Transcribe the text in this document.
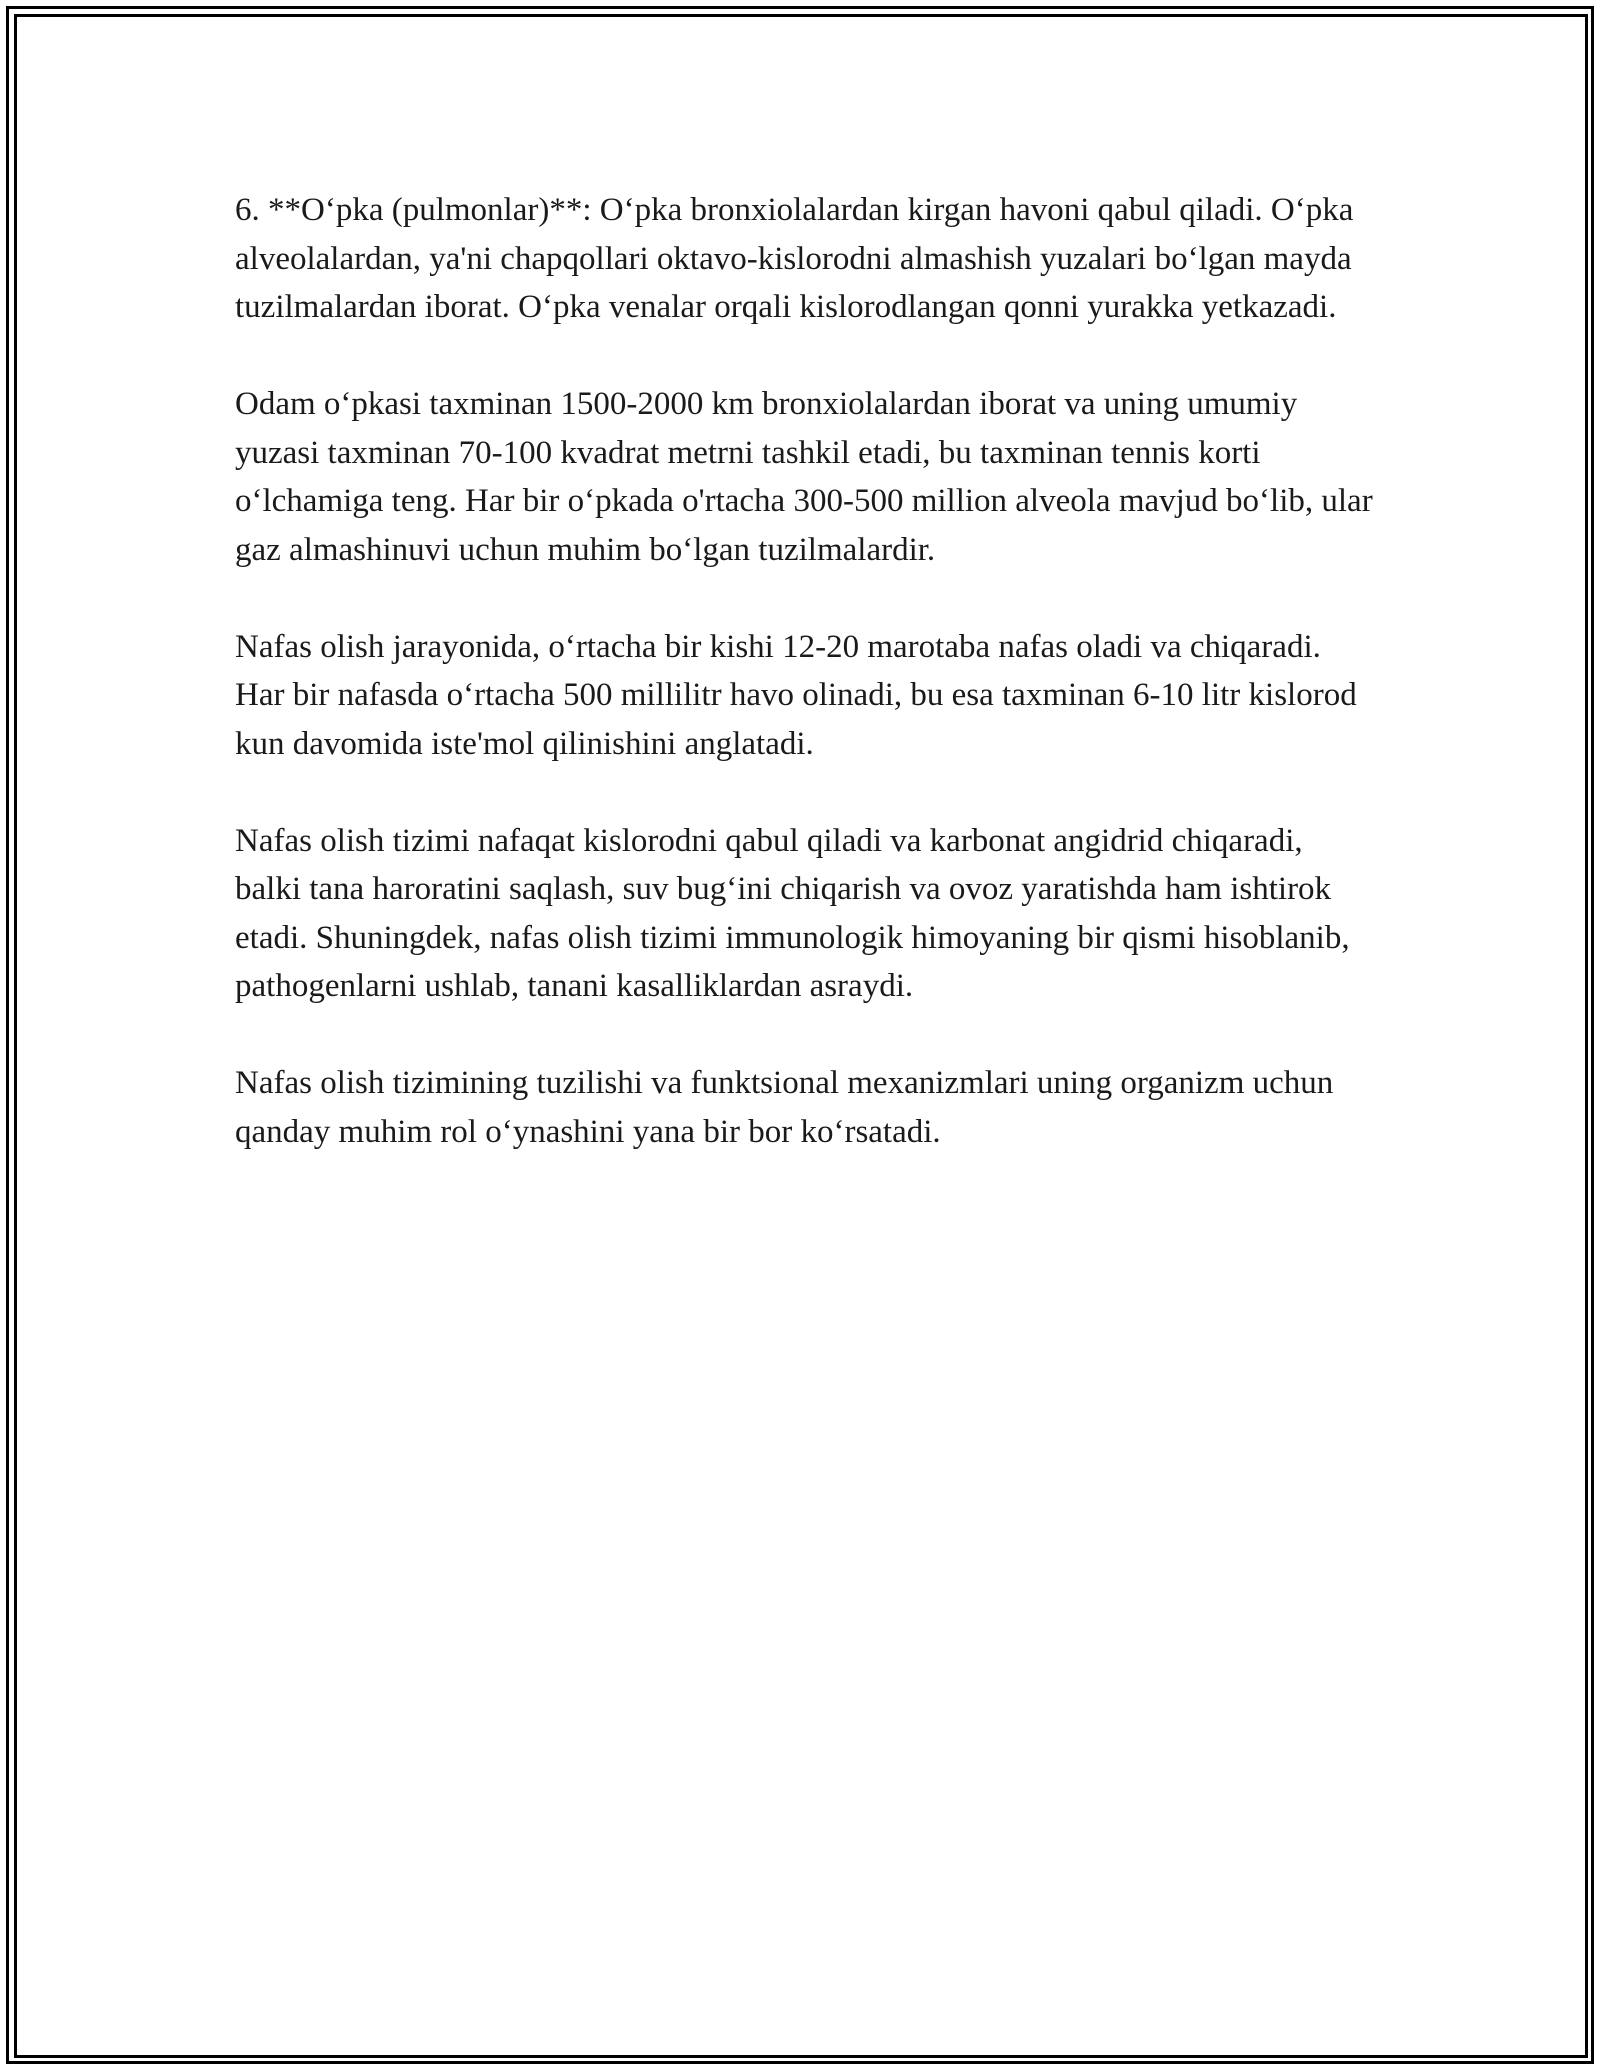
6. **O‘pka (pulmonlar)**: O‘pka bronxiolalardan kirgan havoni qabul qiladi. O‘pka alveolalardan, ya'ni chapqollari oktavo-kislorodni almashish yuzalari bo‘lgan mayda tuzilmalardan iborat. O‘pka venalar orqali kislorodlangan qonni yurakka yetkazadi.

Odam o‘pkasi taxminan 1500-2000 km bronxiolalardan iborat va uning umumiy yuzasi taxminan 70-100 kvadrat metrni tashkil etadi, bu taxminan tennis korti o‘lchamiga teng. Har bir o‘pkada o'rtacha 300-500 million alveola mavjud bo‘lib, ular gaz almashinuvi uchun muhim bo‘lgan tuzilmalardir.

Nafas olish jarayonida, o‘rtacha bir kishi 12-20 marotaba nafas oladi va chiqaradi. Har bir nafasda o‘rtacha 500 millilitr havo olinadi, bu esa taxminan 6-10 litr kislorod kun davomida iste'mol qilinishini anglatadi.

Nafas olish tizimi nafaqat kislorodni qabul qiladi va karbonat angidrid chiqaradi, balki tana haroratini saqlash, suv bug‘ini chiqarish va ovoz yaratishda ham ishtirok etadi. Shuningdek, nafas olish tizimi immunologik himoyaning bir qismi hisoblanib, pathogenlarni ushlab, tanani kasalliklardan asraydi.

Nafas olish tizimining tuzilishi va funktsional mexanizmlari uning organizm uchun qanday muhim rol o‘ynashini yana bir bor ko‘rsatadi.
